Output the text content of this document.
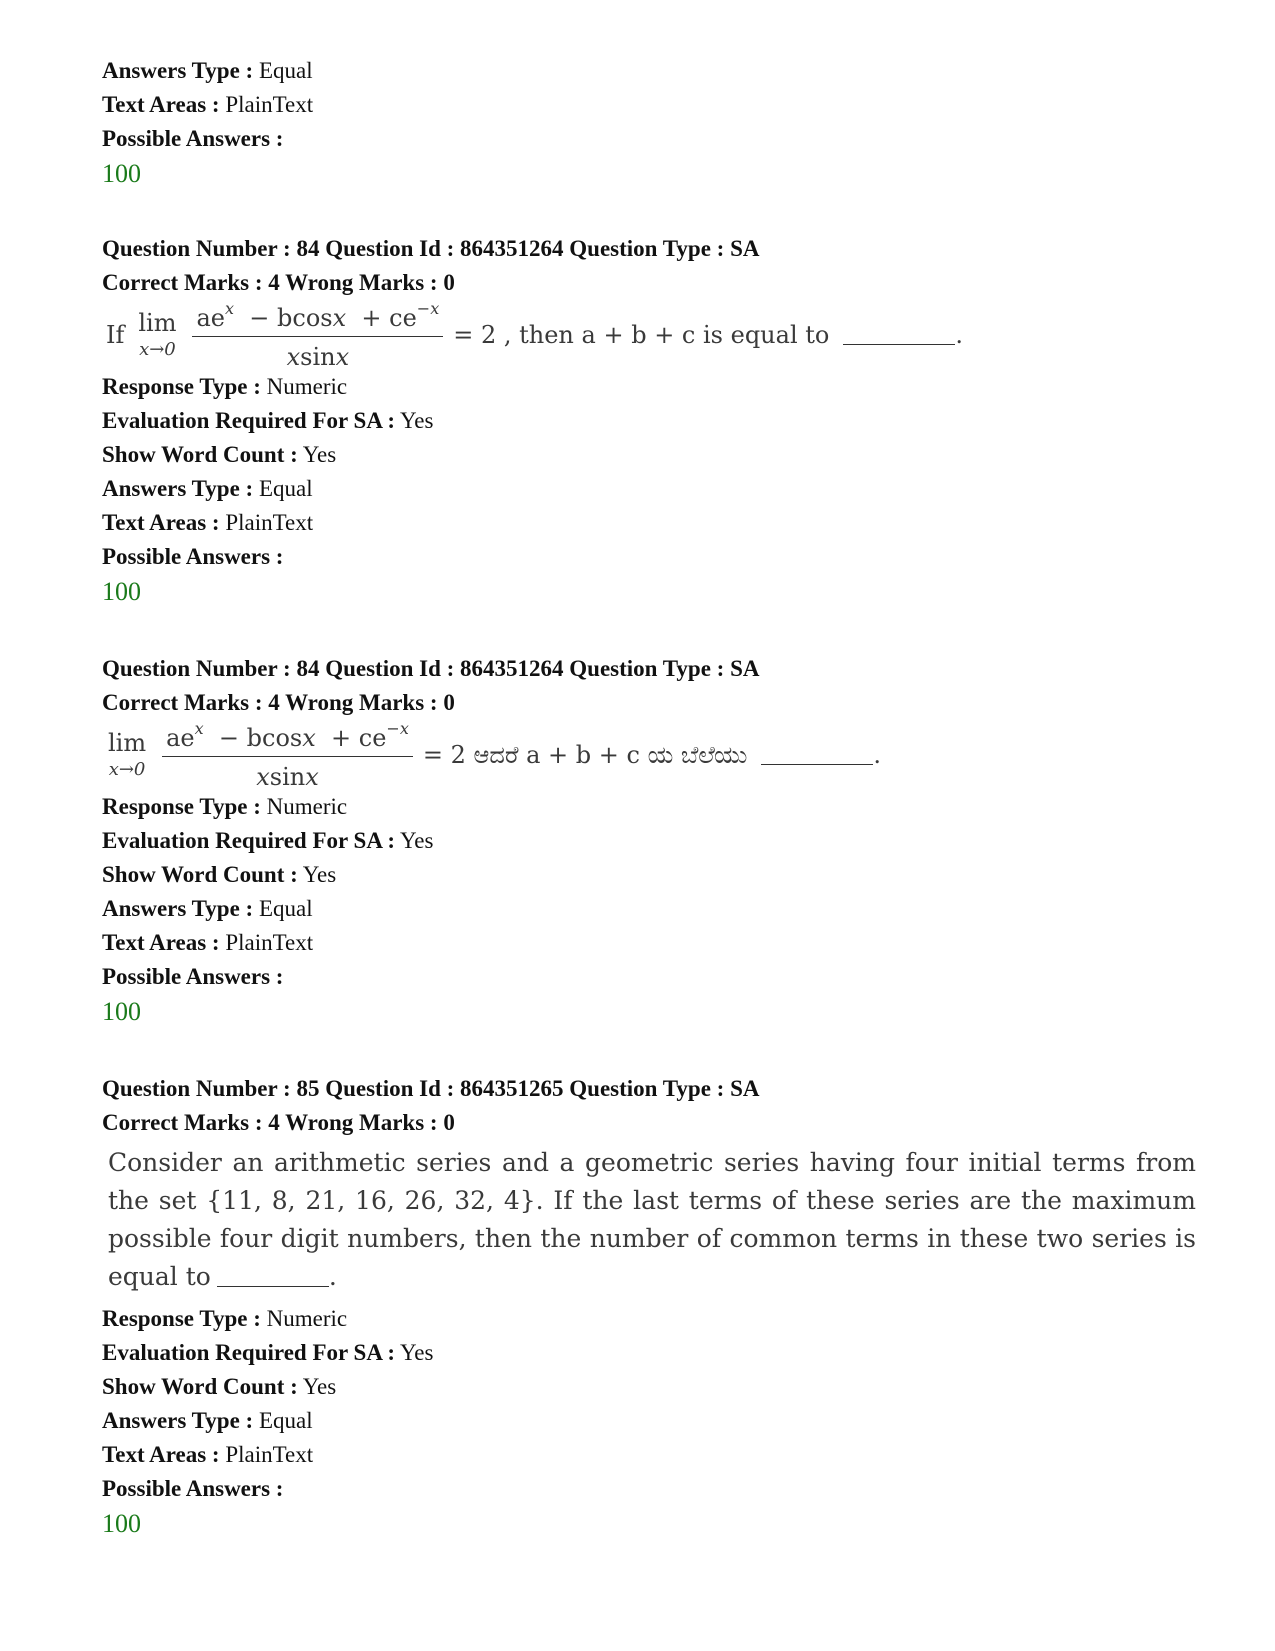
Answers Type : Equal
Text Areas : PlainText
Possible Answers :
100
Question Number : 84 Question Id : 864351264 Question Type : SA
Correct Marks : 4 Wrong Marks : 0
If lim
$x\to 0 \frac{ae^x - bcosx + ce^{-x}}{xsinx} = 2$ , then a + b + c is equal to	.
Response Type : Numeric
Evaluation Required For SA : Yes
Show Word Count : Yes
Answers Type : Equal
Text Areas : PlainText
Possible Answers :
100
Question Number : 84 Question Id : 864351264 Question Type : SA
Correct Marks : 4 Wrong Marks : 0
lim
$x\to 0 \frac{ae^x - bcosx + ce^{-x}}{xsinx} = 2$ ಆದರೆ a + b + c ಯ ಬೆಲೆಯು	.
Response Type : Numeric
Evaluation Required For SA : Yes
Show Word Count : Yes
Answers Type : Equal
Text Areas : PlainText
Possible Answers :
100
Question Number : 85 Question Id : 864351265 Question Type : SA
Correct Marks : 4 Wrong Marks : 0
Consider an arithmetic series and a geometric series having four initial terms from the set {11, 8, 21, 16, 26, 32, 4}. If the last terms of these series are the maximum possible four digit numbers, then the number of common terms in these two series is equal to	.
Response Type : Numeric
Evaluation Required For SA : Yes
Show Word Count : Yes
Answers Type : Equal
Text Areas : PlainText
Possible Answers :
100
